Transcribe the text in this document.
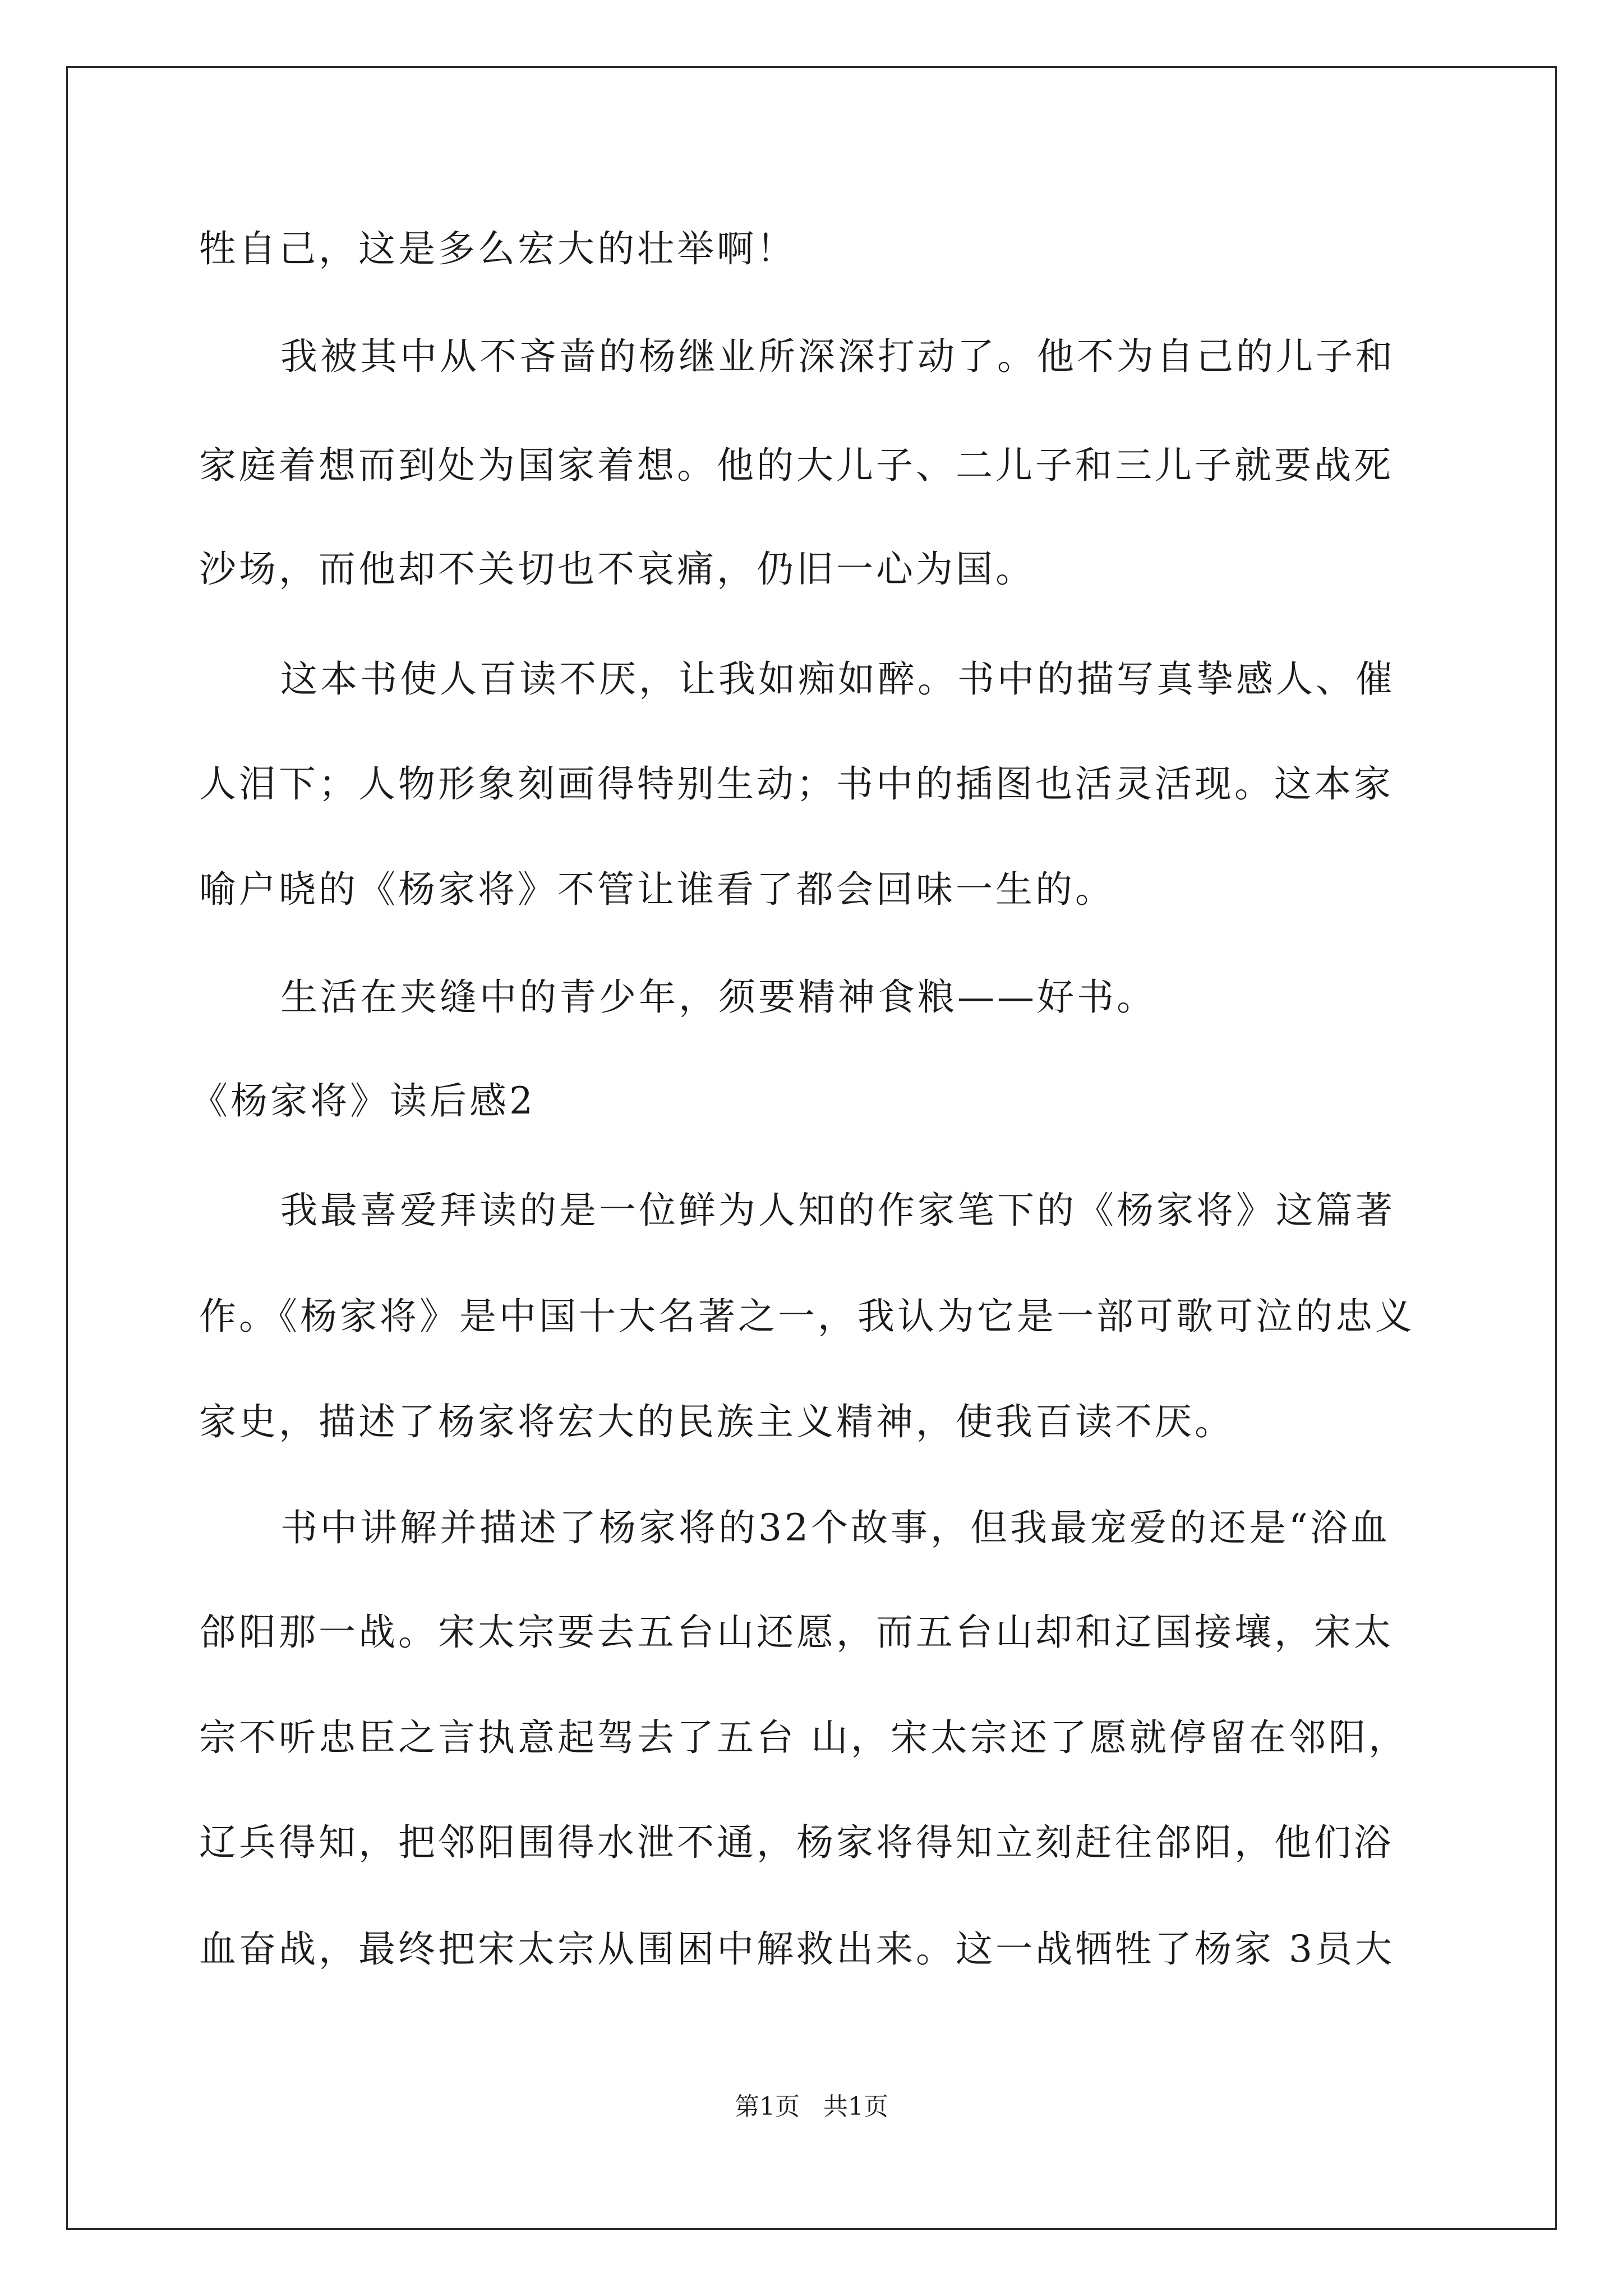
牲自己，这是多么宏大的壮举啊！
我被其中从不吝啬的杨继业所深深打动了。他不为自己的儿子和
家庭着想而到处为国家着想。他的大儿子、二儿子和三儿子就要战死
沙场，而他却不关切也不哀痛，仍旧一心为国。
这本书使人百读不厌，让我如痴如醉。书中的描写真挚感人、催
人泪下；人物形象刻画得特别生动；书中的插图也活灵活现。这本家
喻户晓的《杨家将》不管让谁看了都会回味一生的。
生活在夹缝中的青少年，须要精神食粮——好书。
《杨家将》读后感2
我最喜爱拜读的是一位鲜为人知的作家笔下的《杨家将》这篇著
作。《杨家将》是中国十大名著之一，我认为它是一部可歌可泣的忠义
家史，描述了杨家将宏大的民族主义精神，使我百读不厌。
书中讲解并描述了杨家将的32个故事，但我最宠爱的还是“浴血
郃阳那一战。宋太宗要去五台山还愿，而五台山却和辽国接壤，宋太
宗不听忠臣之言执意起驾去了五台 山，宋太宗还了愿就停留在邻阳，
辽兵得知，把邻阳围得水泄不通，杨家将得知立刻赶往郃阳，他们浴
血奋战，最终把宋太宗从围困中解救出来。这一战牺牲了杨家 3员大
第1页   共1页
